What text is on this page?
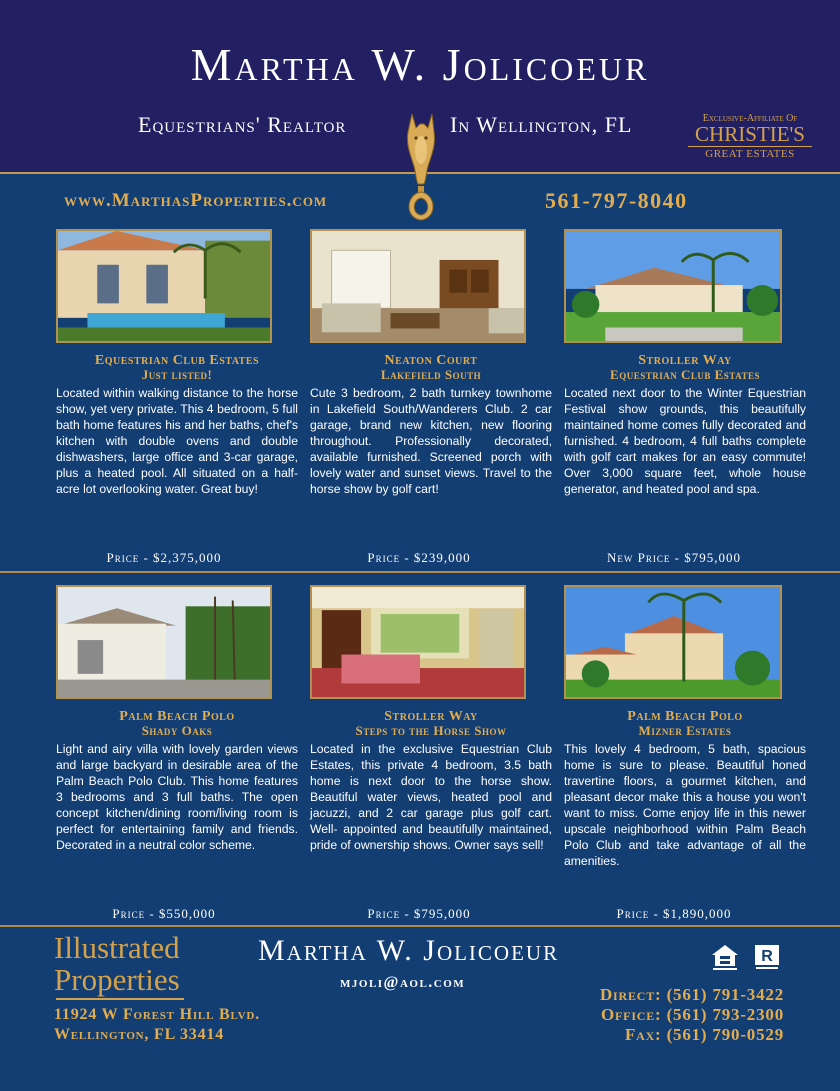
Martha W. Jolicoeur
Equestrians' Realtor	In Wellington, FL	Exclusive-Affiliate Of
CHRISTIE'S
GREAT ESTATES
www.MarthasProperties.com	561-797-8040
Equestrian Club Estates
Just listed!
Located within walking distance to the horse show, yet very private. This 4 bedroom, 5 full bath home features his and her baths, chef's kitchen with double ovens and double dishwashers, large office and 3-car garage, plus a heated pool. All situated on a half-acre lot overlooking water. Great buy!
Price - $2,375,000
Neaton Court
Lakefield South
Cute 3 bedroom, 2 bath turnkey townhome in Lakefield South/Wanderers Club. 2 car garage, brand new kitchen, new flooring throughout. Professionally decorated, available furnished. Screened porch with lovely water and sunset views. Travel to the horse show by golf cart!
Price - $239,000
Stroller Way
Equestrian Club Estates
Located next door to the Winter Equestrian Festival show grounds, this beautifully maintained home comes fully decorated and furnished. 4 bedroom, 4 full baths complete with golf cart makes for an easy commute! Over 3,000 square feet, whole house generator, and heated pool and spa.
New Price - $795,000
Palm Beach Polo
Shady Oaks
Light and airy villa with lovely garden views and large backyard in desirable area of the Palm Beach Polo Club. This home features 3 bedrooms and 3 full baths. The open concept kitchen/dining room/living room is perfect for entertaining family and friends. Decorated in a neutral color scheme.
Price - $550,000
Stroller Way
Steps to the Horse Show
Located in the exclusive Equestrian Club Estates, this private 4 bedroom, 3.5 bath home is next door to the horse show. Beautiful water views, heated pool and jacuzzi, and 2 car garage plus golf cart. Well- appointed and beautifully maintained, pride of ownership shows. Owner says sell!
Price - $795,000
Palm Beach Polo
Mizner Estates
This lovely 4 bedroom, 5 bath, spacious home is sure to please. Beautiful honed travertine floors, a gourmet kitchen, and pleasant decor make this a house you won't want to miss. Come enjoy life in this newer upscale neighborhood within Palm Beach Polo Club and take advantage of all the amenities.
Price - $1,890,000
Illustrated
Properties
11924 W Forest Hill Blvd.
Wellington, FL 33414
Martha W. Jolicoeur
mjoli@aol.com
R
Direct: (561) 791-3422
Office: (561) 793-2300
Fax: (561) 790-0529
